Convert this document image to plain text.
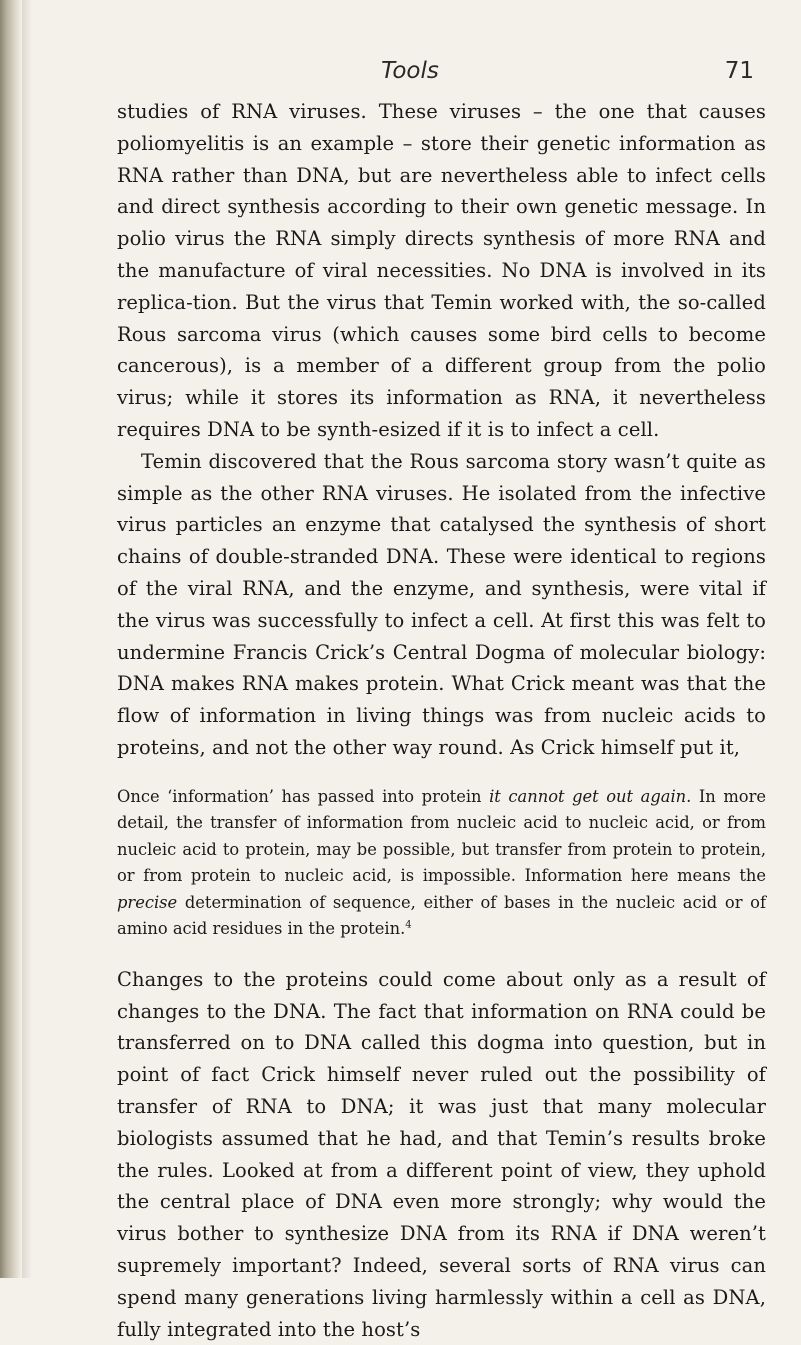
Tools	71

studies of RNA viruses. These viruses – the one that causes poliomyelitis is an example – store their genetic information as RNA rather than DNA, but are nevertheless able to infect cells and direct synthesis according to their own genetic message. In polio virus the RNA simply directs synthesis of more RNA and the manufacture of viral necessities. No DNA is involved in its replica-tion. But the virus that Temin worked with, the so-called Rous sarcoma virus (which causes some bird cells to become cancerous), is a member of a different group from the polio virus; while it stores its information as RNA, it nevertheless requires DNA to be synth-esized if it is to infect a cell.

Temin discovered that the Rous sarcoma story wasn’t quite as simple as the other RNA viruses. He isolated from the infective virus particles an enzyme that catalysed the synthesis of short chains of double-stranded DNA. These were identical to regions of the viral RNA, and the enzyme, and synthesis, were vital if the virus was successfully to infect a cell. At first this was felt to undermine Francis Crick’s Central Dogma of molecular biology: DNA makes RNA makes protein. What Crick meant was that the flow of information in living things was from nucleic acids to proteins, and not the other way round. As Crick himself put it,

Once ‘information’ has passed into protein it cannot get out again. In more detail, the transfer of information from nucleic acid to nucleic acid, or from nucleic acid to protein, may be possible, but transfer from protein to protein, or from protein to nucleic acid, is impossible. Information here means the precise determination of sequence, either of bases in the nucleic acid or of amino acid residues in the protein.$^4$

Changes to the proteins could come about only as a result of changes to the DNA. The fact that information on RNA could be transferred on to DNA called this dogma into question, but in point of fact Crick himself never ruled out the possibility of transfer of RNA to DNA; it was just that many molecular biologists assumed that he had, and that Temin’s results broke the rules. Looked at from a different point of view, they uphold the central place of DNA even more strongly; why would the virus bother to synthesize DNA from its RNA if DNA weren’t supremely important? Indeed, several sorts of RNA virus can spend many generations living harmlessly within a cell as DNA, fully integrated into the host’s
